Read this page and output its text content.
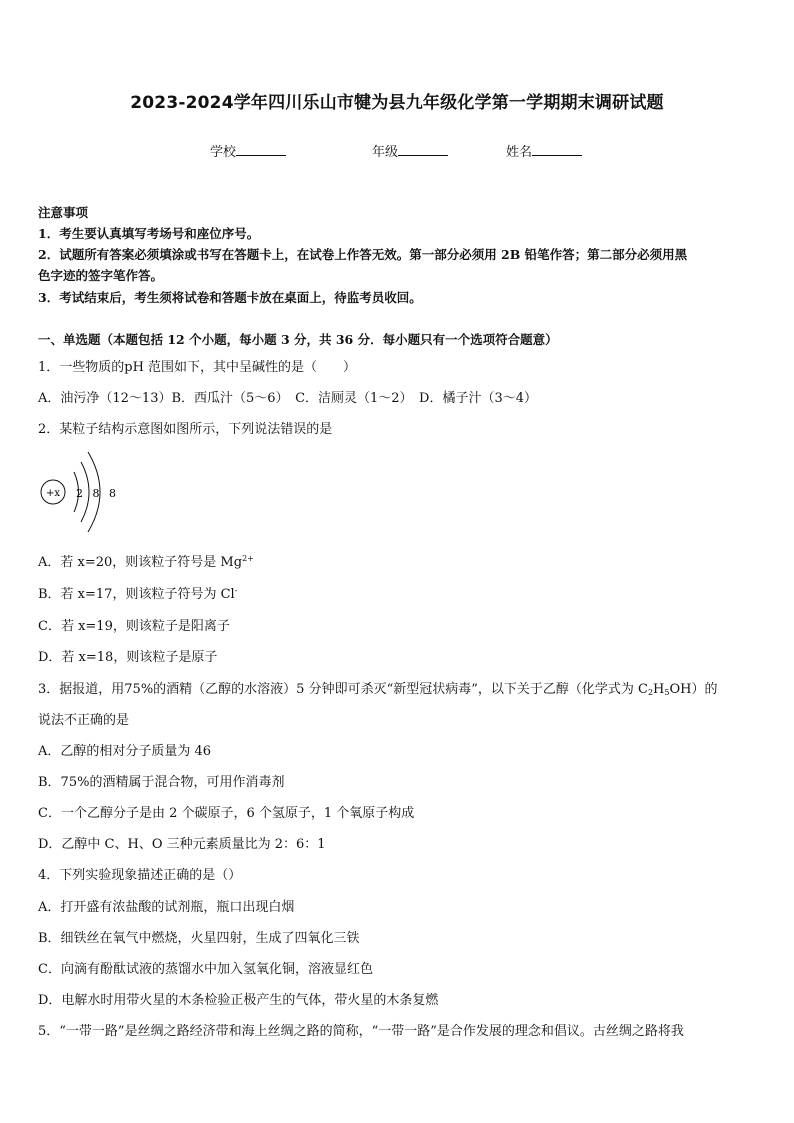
2023-2024学年四川乐山市犍为县九年级化学第一学期期末调研试题
学校	年级	姓名
注意事项
1．考生要认真填写考场号和座位序号。
2．试题所有答案必须填涂或书写在答题卡上，在试卷上作答无效。第一部分必须用 2B 铅笔作答；第二部分必须用黑
色字迹的签字笔作答。
3．考试结束后，考生须将试卷和答题卡放在桌面上，待监考员收回。
一、单选题（本题包括 12 个小题，每小题 3 分，共 36 分．每小题只有一个选项符合题意）
1．一些物质的pH 范围如下，其中呈碱性的是（　　）
A．油污净（12～13）B．西瓜汁（5～6）　C．洁厕灵（1～2）　D．橘子汁（3～4）
2．某粒子结构示意图如图所示，下列说法错误的是
+x 2 8 8
A．若 x=20，则该粒子符号是 $Mg^{2+}$
B．若 x=17，则该粒子符号为 Cl-
C．若 x=19，则该粒子是阳离子
D．若 x=18，则该粒子是原子
3．据报道，用75%的酒精（乙醇的水溶液）5 分钟即可杀灭“新型冠状病毒”，以下关于乙醇（化学式为 $C_2H_5OH$）的
说法不正确的是
A．乙醇的相对分子质量为 46
B．75%的酒精属于混合物，可用作消毒剂
C．一个乙醇分子是由 2 个碳原子，6 个氢原子，1 个氧原子构成
D．乙醇中 C、H、O 三种元素质量比为 2：6：1
4．下列实验现象描述正确的是（）
A．打开盛有浓盐酸的试剂瓶，瓶口出现白烟
B．细铁丝在氧气中燃烧，火星四射，生成了四氧化三铁
C．向滴有酚酞试液的蒸馏水中加入氢氧化铜，溶液显红色
D．电解水时用带火星的木条检验正极产生的气体，带火星的木条复燃
5．“一带一路”是丝绸之路经济带和海上丝绸之路的简称，“一带一路”是合作发展的理念和倡议。古丝绸之路将我
